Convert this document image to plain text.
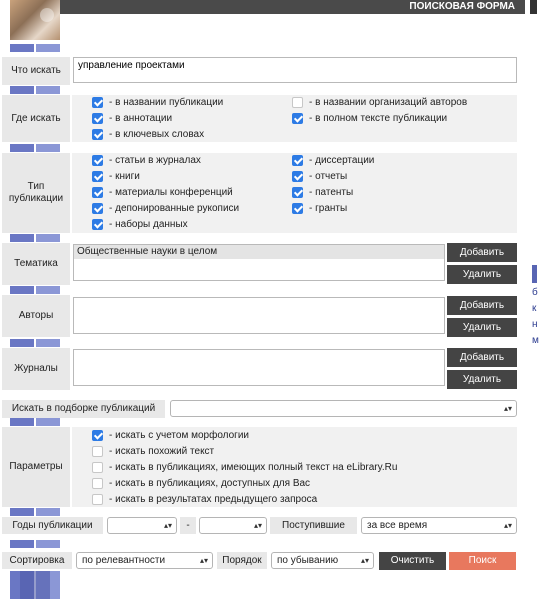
ПОИСКОВАЯ ФОРМА
б
к
н
м
Что искать
управление проектами
Где искать
- в названии публикации	- в названии организаций авторов
- в аннотации	- в полном тексте публикации
- в ключевых словах
Тип публикации
- статьи в журналах	- диссертации
- книги	- отчеты
- материалы конференций	- патенты
- депонированные рукописи	- гранты
- наборы данных
Тематика
Общественные науки в целом	Добавить
Удалить
Авторы
Добавить
Удалить
Журналы
Добавить
Удалить
Искать в подборке публикаций	▴▾
Параметры
- искать с учетом морфологии
- искать похожий текст
- искать в публикациях, имеющих полный текст на eLibrary.Ru
- искать в публикациях, доступных для Вас
- искать в результатах предыдущего запроса
Годы публикации	▴▾	-	▴▾	Поступившие	за все время	▴▾
Сортировка	по релевантности	▴▾	Порядок	по убыванию	▴▾	Очистить	Поиск
